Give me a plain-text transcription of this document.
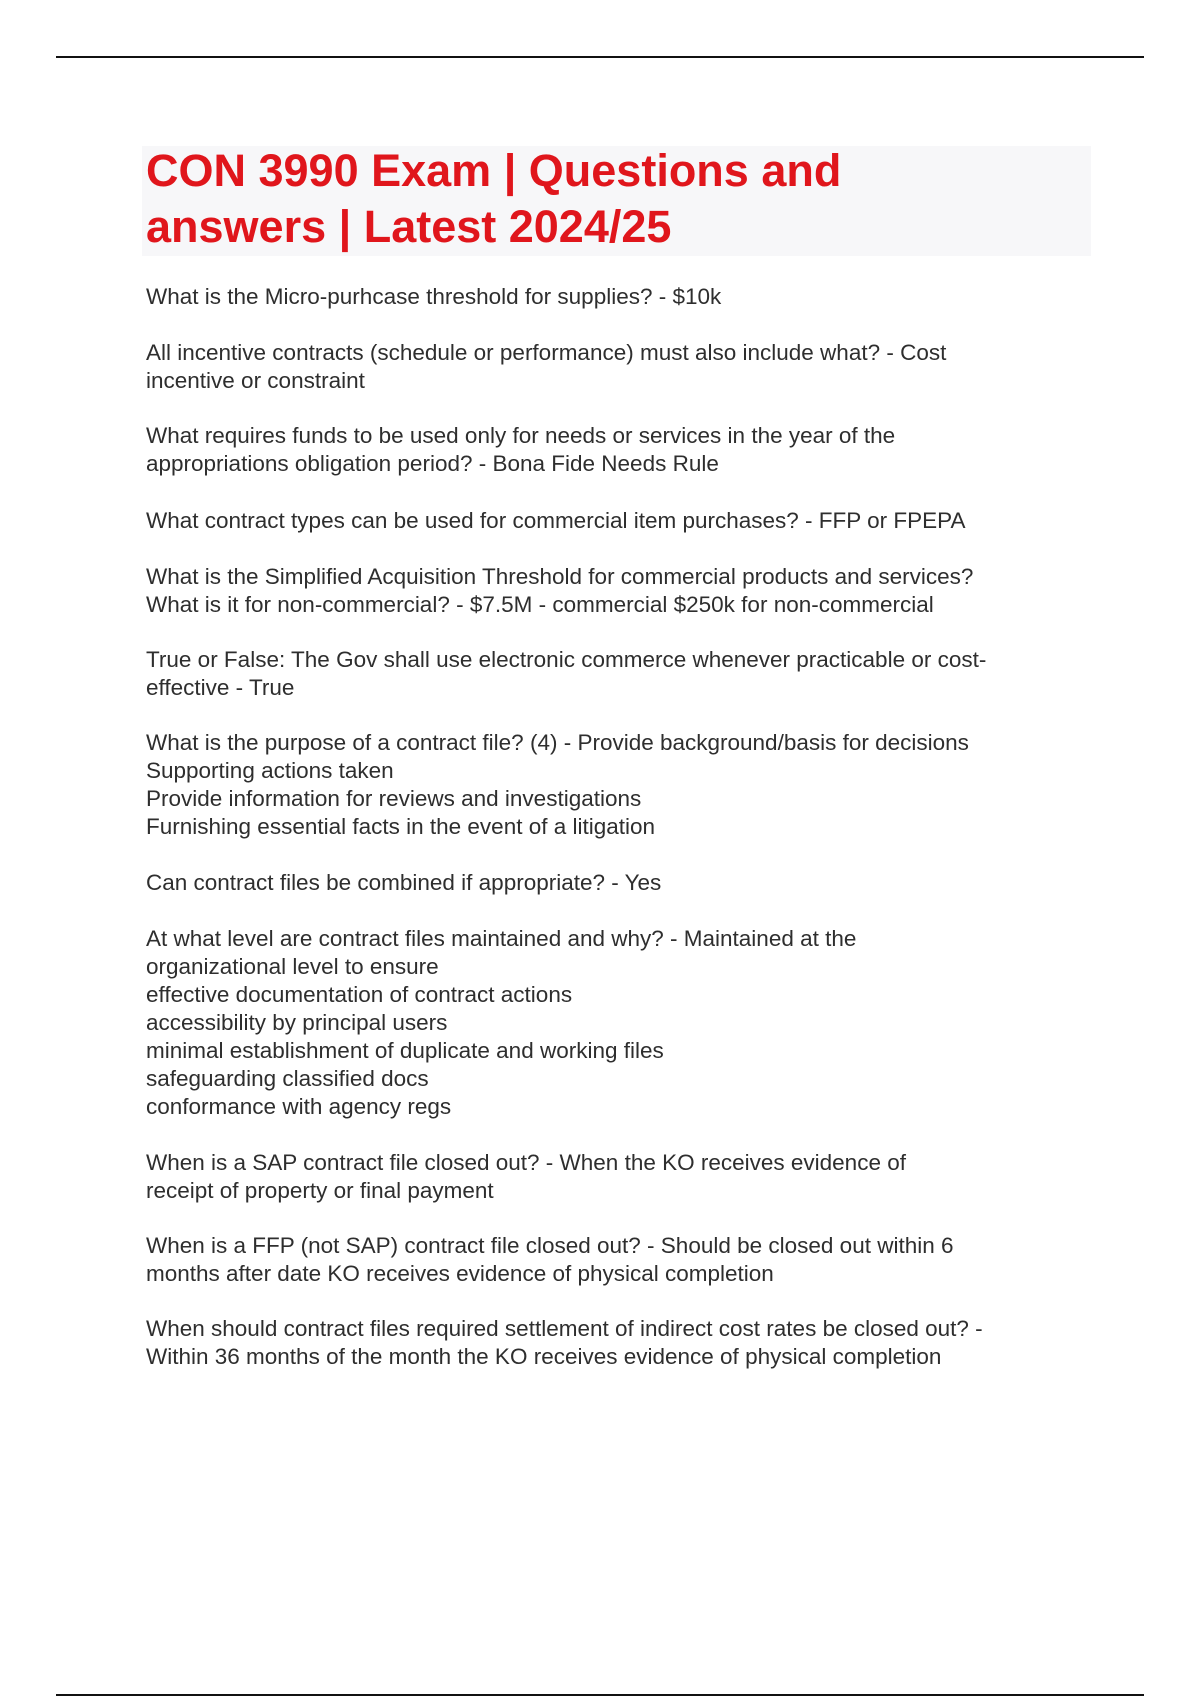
CON 3990 Exam | Questions and
answers | Latest 2024/25

What is the Micro-purhcase threshold for supplies? - $10k

All incentive contracts (schedule or performance) must also include what? - Cost
incentive or constraint

What requires funds to be used only for needs or services in the year of the
appropriations obligation period? - Bona Fide Needs Rule

What contract types can be used for commercial item purchases? - FFP or FPEPA

What is the Simplified Acquisition Threshold for commercial products and services?
What is it for non-commercial? - $7.5M - commercial $250k for non-commercial

True or False: The Gov shall use electronic commerce whenever practicable or cost-
effective - True

What is the purpose of a contract file? (4) - Provide background/basis for decisions
Supporting actions taken
Provide information for reviews and investigations
Furnishing essential facts in the event of a litigation

Can contract files be combined if appropriate? - Yes

At what level are contract files maintained and why? - Maintained at the
organizational level to ensure
effective documentation of contract actions
accessibility by principal users
minimal establishment of duplicate and working files
safeguarding classified docs
conformance with agency regs

When is a SAP contract file closed out? - When the KO receives evidence of
receipt of property or final payment

When is a FFP (not SAP) contract file closed out? - Should be closed out within 6
months after date KO receives evidence of physical completion

When should contract files required settlement of indirect cost rates be closed out? -
Within 36 months of the month the KO receives evidence of physical completion
